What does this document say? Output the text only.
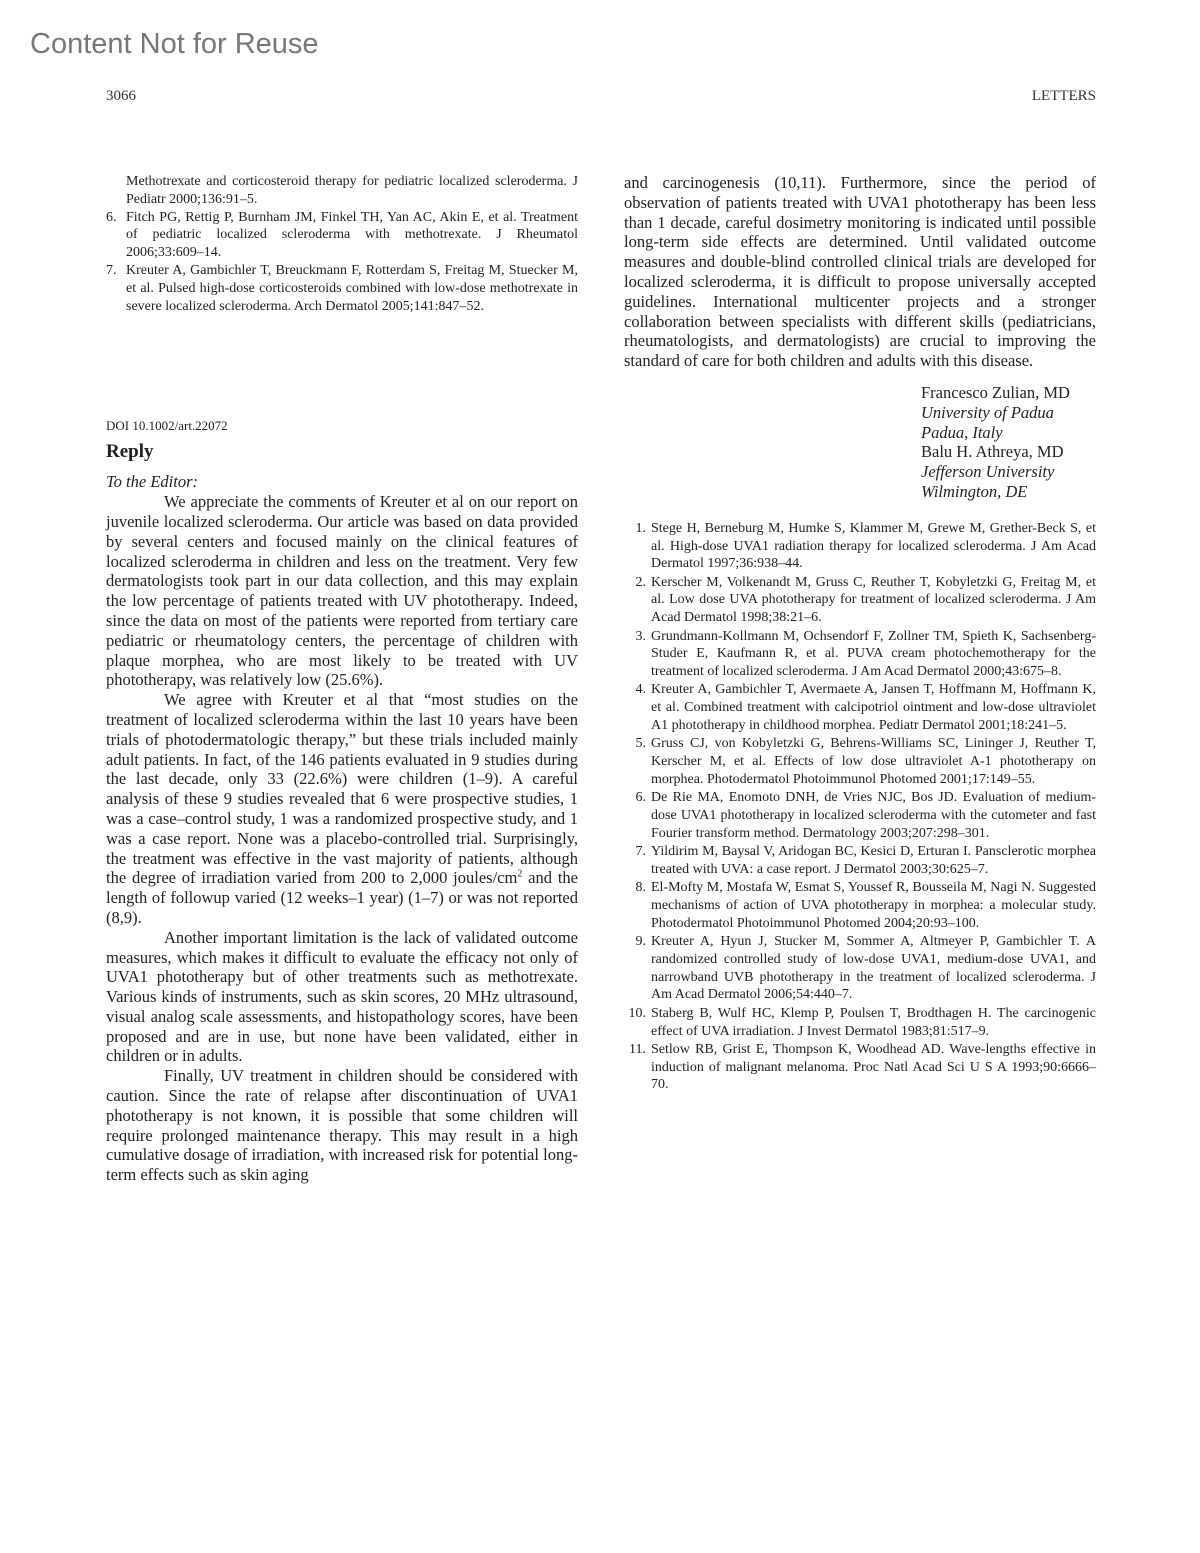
Content Not for Reuse
3066	LETTERS
Methotrexate and corticosteroid therapy for pediatric localized scleroderma. J Pediatr 2000;136:91–5.
6. Fitch PG, Rettig P, Burnham JM, Finkel TH, Yan AC, Akin E, et al. Treatment of pediatric localized scleroderma with methotrexate. J Rheumatol 2006;33:609–14.
7. Kreuter A, Gambichler T, Breuckmann F, Rotterdam S, Freitag M, Stuecker M, et al. Pulsed high-dose corticosteroids combined with low-dose methotrexate in severe localized scleroderma. Arch Dermatol 2005;141:847–52.
DOI 10.1002/art.22072
Reply
To the Editor:

We appreciate the comments of Kreuter et al on our report on juvenile localized scleroderma. Our article was based on data provided by several centers and focused mainly on the clinical features of localized scleroderma in children and less on the treatment. Very few dermatologists took part in our data collection, and this may explain the low percentage of patients treated with UV phototherapy. Indeed, since the data on most of the patients were reported from tertiary care pediatric or rheumatology centers, the percentage of children with plaque morphea, who are most likely to be treated with UV phototherapy, was relatively low (25.6%).

We agree with Kreuter et al that “most studies on the treatment of localized scleroderma within the last 10 years have been trials of photodermatologic therapy,” but these trials included mainly adult patients. In fact, of the 146 patients evaluated in 9 studies during the last decade, only 33 (22.6%) were children (1–9). A careful analysis of these 9 studies revealed that 6 were prospective studies, 1 was a case–control study, 1 was a randomized prospective study, and 1 was a case report. None was a placebo-controlled trial. Surprisingly, the treatment was effective in the vast majority of patients, although the degree of irradiation varied from 200 to 2,000 joules/$cm^2$ and the length of followup varied (12 weeks–1 year) (1–7) or was not reported (8,9).

Another important limitation is the lack of validated outcome measures, which makes it difficult to evaluate the efficacy not only of UVA1 phototherapy but of other treatments such as methotrexate. Various kinds of instruments, such as skin scores, 20 MHz ultrasound, visual analog scale assessments, and histopathology scores, have been proposed and are in use, but none have been validated, either in children or in adults.

Finally, UV treatment in children should be considered with caution. Since the rate of relapse after discontinuation of UVA1 phototherapy is not known, it is possible that some children will require prolonged maintenance therapy. This may result in a high cumulative dosage of irradiation, with increased risk for potential long-term effects such as skin aging

and carcinogenesis (10,11). Furthermore, since the period of observation of patients treated with UVA1 phototherapy has been less than 1 decade, careful dosimetry monitoring is indicated until possible long-term side effects are determined. Until validated outcome measures and double-blind controlled clinical trials are developed for localized scleroderma, it is difficult to propose universally accepted guidelines. International multicenter projects and a stronger collaboration between specialists with different skills (pediatricians, rheumatologists, and dermatologists) are crucial to improving the standard of care for both children and adults with this disease.

Francesco Zulian, MD
University of Padua
Padua, Italy
Balu H. Athreya, MD
Jefferson University
Wilmington, DE
1. Stege H, Berneburg M, Humke S, Klammer M, Grewe M, Grether-Beck S, et al. High-dose UVA1 radiation therapy for localized scleroderma. J Am Acad Dermatol 1997;36:938–44.
2. Kerscher M, Volkenandt M, Gruss C, Reuther T, Kobyletzki G, Freitag M, et al. Low dose UVA phototherapy for treatment of localized scleroderma. J Am Acad Dermatol 1998;38:21–6.
3. Grundmann-Kollmann M, Ochsendorf F, Zollner TM, Spieth K, Sachsenberg-Studer E, Kaufmann R, et al. PUVA cream photochemotherapy for the treatment of localized scleroderma. J Am Acad Dermatol 2000;43:675–8.
4. Kreuter A, Gambichler T, Avermaete A, Jansen T, Hoffmann M, Hoffmann K, et al. Combined treatment with calcipotriol ointment and low-dose ultraviolet A1 phototherapy in childhood morphea. Pediatr Dermatol 2001;18:241–5.
5. Gruss CJ, von Kobyletzki G, Behrens-Williams SC, Lininger J, Reuther T, Kerscher M, et al. Effects of low dose ultraviolet A-1 phototherapy on morphea. Photodermatol Photoimmunol Photomed 2001;17:149–55.
6. De Rie MA, Enomoto DNH, de Vries NJC, Bos JD. Evaluation of medium-dose UVA1 phototherapy in localized scleroderma with the cutometer and fast Fourier transform method. Dermatology 2003;207:298–301.
7. Yildirim M, Baysal V, Aridogan BC, Kesici D, Erturan I. Pansclerotic morphea treated with UVA: a case report. J Dermatol 2003;30:625–7.
8. El-Mofty M, Mostafa W, Esmat S, Youssef R, Bousseila M, Nagi N. Suggested mechanisms of action of UVA phototherapy in morphea: a molecular study. Photodermatol Photoimmunol Photomed 2004;20:93–100.
9. Kreuter A, Hyun J, Stucker M, Sommer A, Altmeyer P, Gambichler T. A randomized controlled study of low-dose UVA1, medium-dose UVA1, and narrowband UVB phototherapy in the treatment of localized scleroderma. J Am Acad Dermatol 2006;54:440–7.
10. Staberg B, Wulf HC, Klemp P, Poulsen T, Brodthagen H. The carcinogenic effect of UVA irradiation. J Invest Dermatol 1983;81:517–9.
11. Setlow RB, Grist E, Thompson K, Woodhead AD. Wave-lengths effective in induction of malignant melanoma. Proc Natl Acad Sci U S A 1993;90:6666–70.
